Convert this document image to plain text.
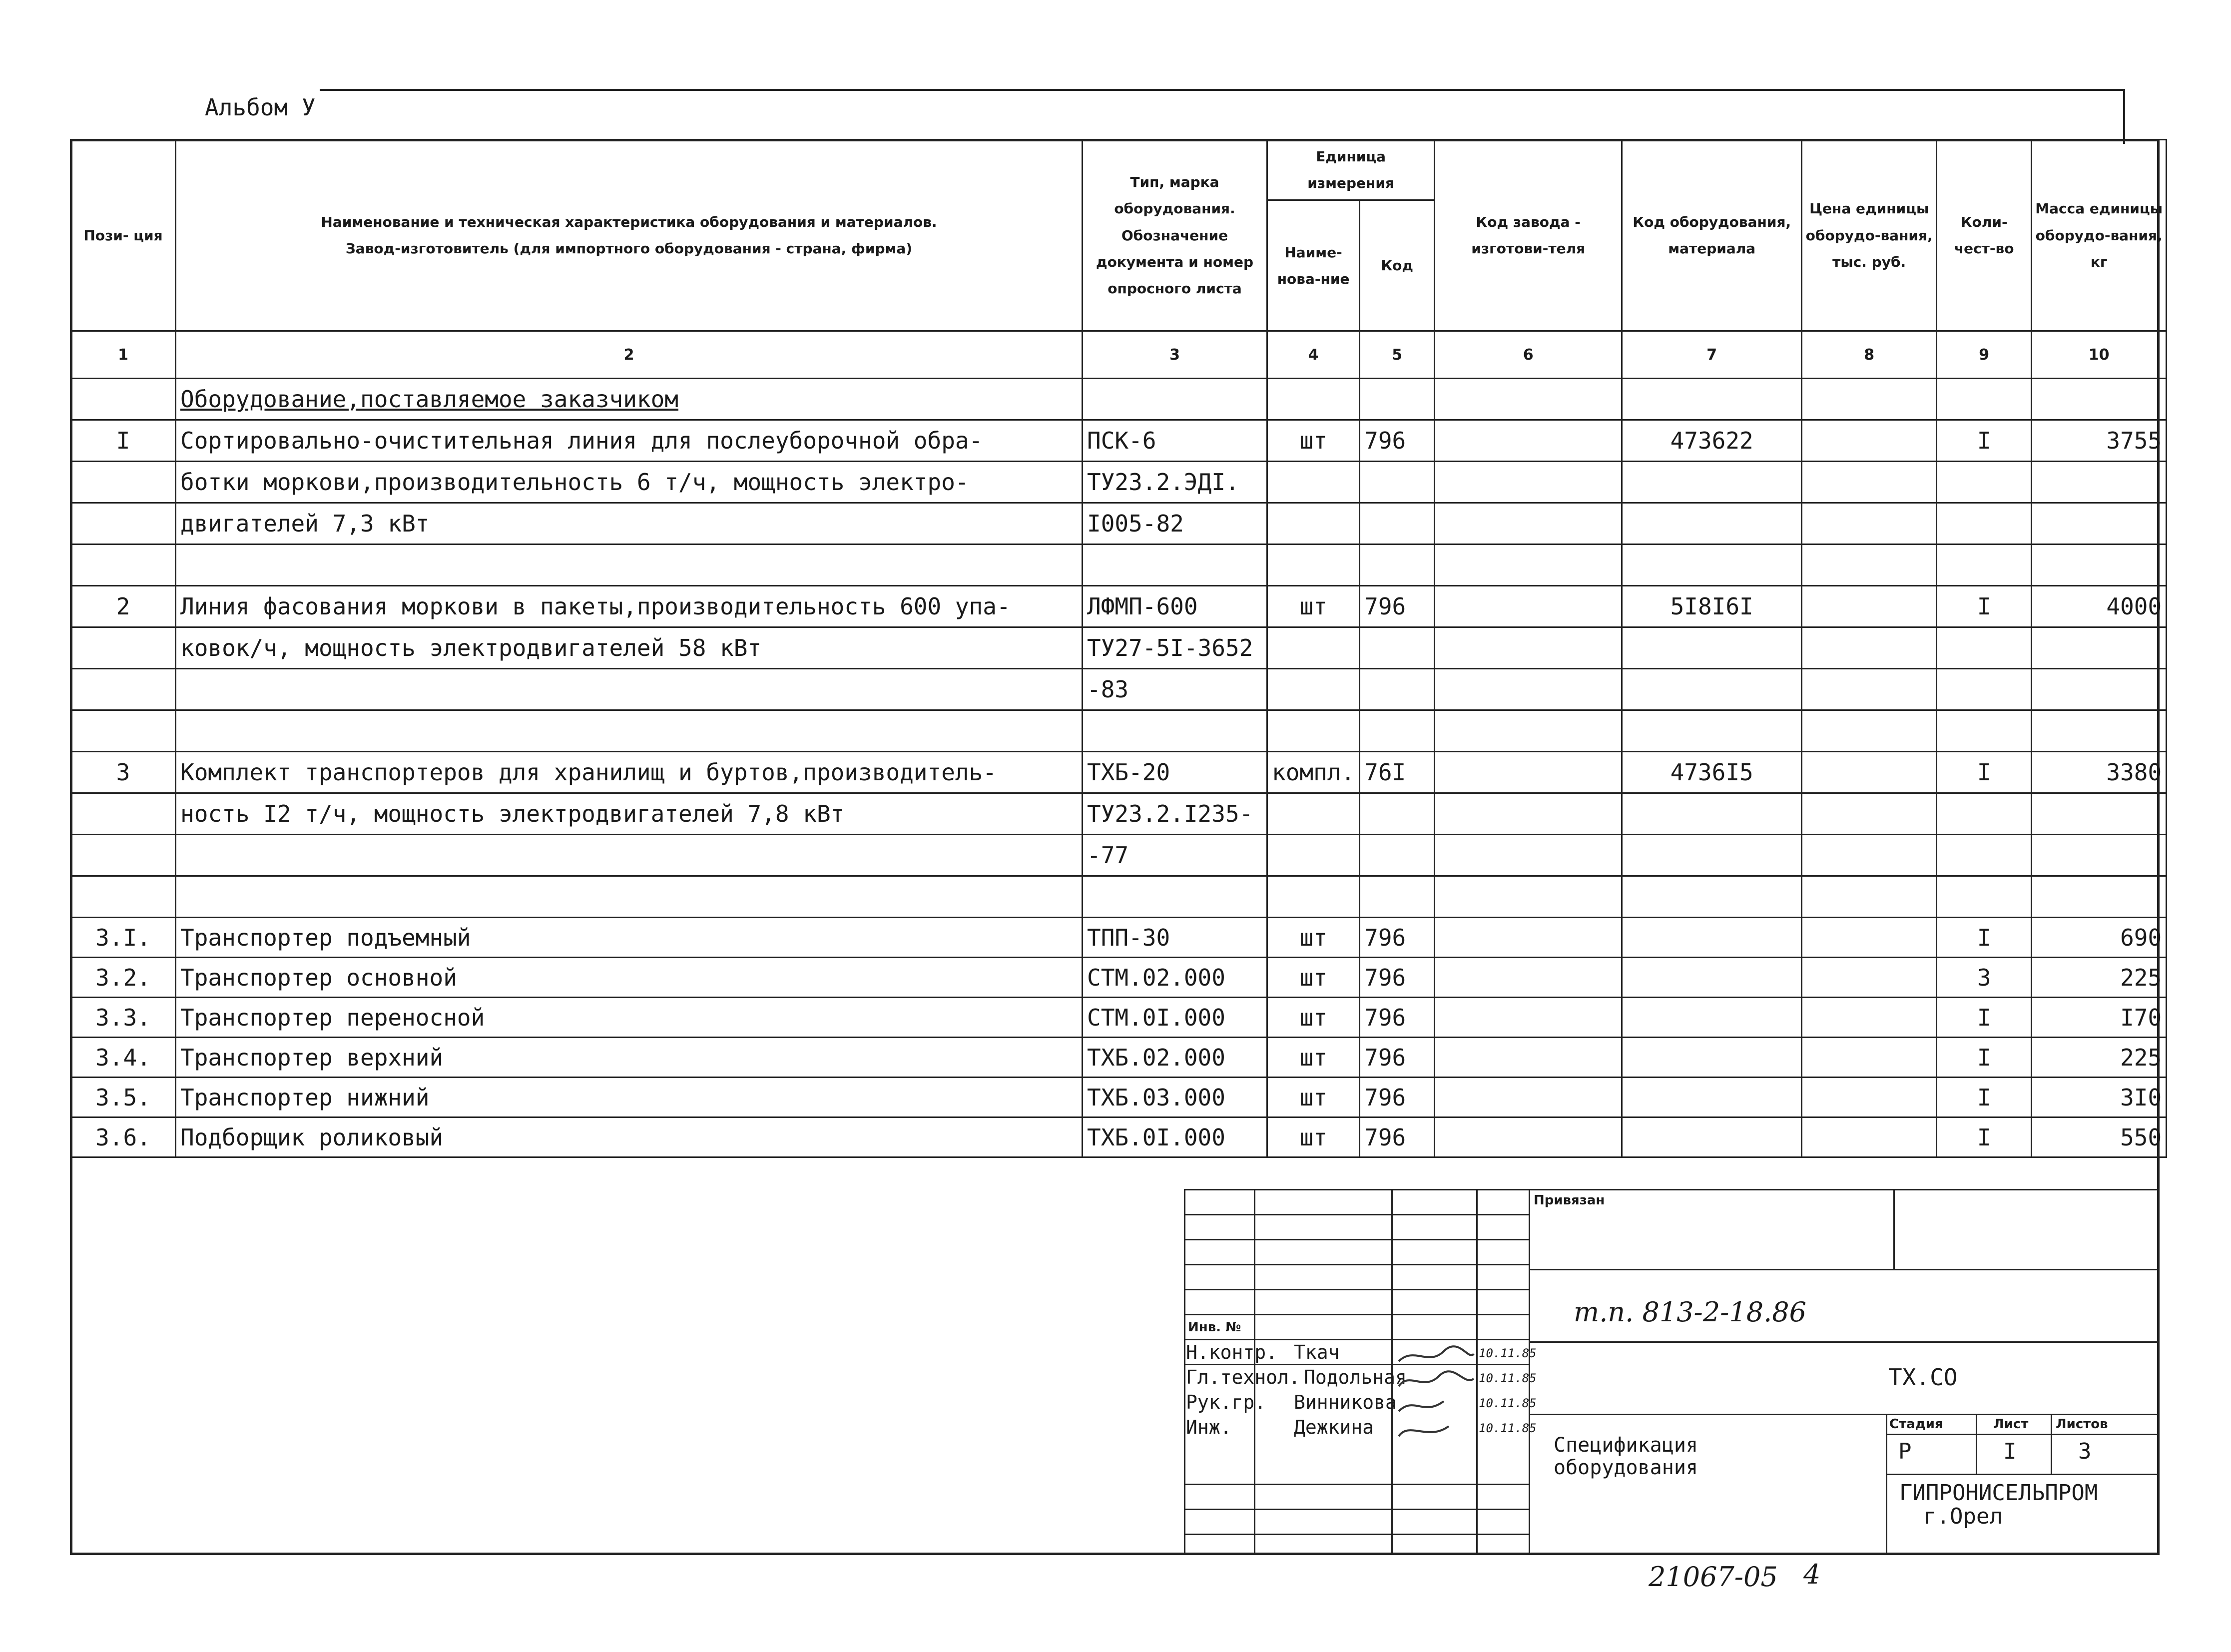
Альбом У
Пози- ция	Наименование и техническая характеристика оборудования и материалов.
Завод-изготовитель (для импортного оборудования - страна, фирма)	Тип, марка оборудования. Обозначение документа и номер опросного листа	Единица измерения		Код завода - изготови-теля	Код оборудования, материала	Цена единицы оборудо-вания, тыс. руб.	Коли-чест-во	Масса единицы оборудо-вания, кг
			Наиме-нова-ние	Код					
1	2	3	4	5	6	7	8	9	10
	Оборудование,поставляемое заказчиком								
I	Сортировально-очистительная линия для послеуборочной обра-	ПСК-6	шт	796		473622		I	3755
	ботки моркови,производительность 6 т/ч, мощность электро-	ТУ23.2.ЭДI.							
	двигателей 7,3 кВт	I005-82							

2	Линия фасования моркови в пакеты,производительность 600 упа-	ЛФМП-600	шт	796		5I8I6I		I	4000
	ковок/ч, мощность электродвигателей 58 кВт	ТУ27-5I-3652							
		-83							

3	Комплект транспортеров для хранилищ и буртов,производитель-	ТХБ-20	компл.	76I		4736I5		I	3380
	ность I2 т/ч, мощность электродвигателей 7,8 кВт	ТУ23.2.I235-							
		-77							

3.I.	Транспортер подъемный	ТПП-30	шт	796				I	690
3.2.	Транспортер основной	СТМ.02.000	шт	796				3	225
3.3.	Транспортер переносной	СТМ.0I.000	шт	796				I	I70
3.4.	Транспортер верхний	ТХБ.02.000	шт	796				I	225
3.5.	Транспортер нижний	ТХБ.03.000	шт	796				I	3I0
3.6.	Подборщик роликовый	ТХБ.0I.000	шт	796				I	550
Привязан
т.п. 813-2-18.86
Инв. №
Н.контр. Ткач
Гл.технол. Подольная
Рук.гр. Винникова
Инж.	Дежкина
10.11.85
10.11.85
10.11.85
10.11.85
ТХ.СО
Спецификация
оборудования
Стадия	Лист Листов
Р	I	3
ГИПРОНИСЕЛЬПРОМ
г.Орел
21067-05 4
